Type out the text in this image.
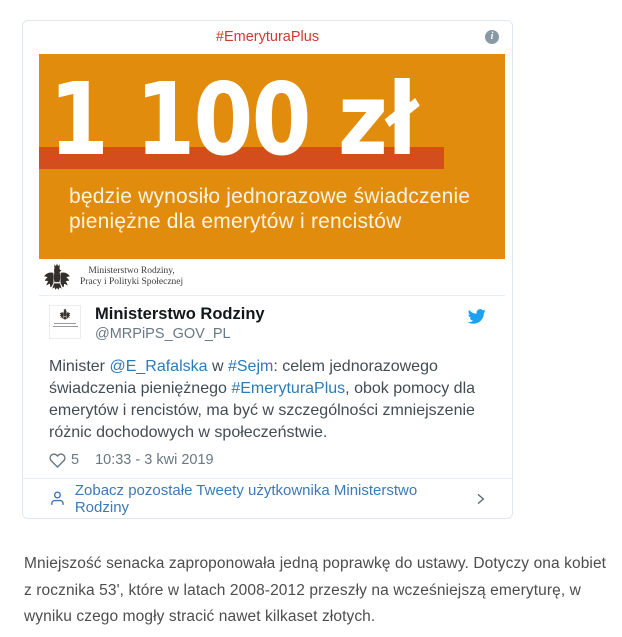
#EmeryturaPlus	i
1 100 zł
będzie wynosiło jednorazowe świadczenie
pieniężne dla emerytów i rencistów
Ministerstwo Rodziny,
Pracy i Polityki Społecznej
Ministerstwo Rodziny
@MRPiPS_GOV_PL
Minister @E_Rafalska w #Sejm: celem jednorazowego świadczenia pieniężnego #EmeryturaPlus, obok pomocy dla emerytów i rencistów, ma być w szczególności zmniejszenie różnic dochodowych w społeczeństwie.
5 10:33 - 3 kwi 2019
Zobacz pozostałe Tweety użytkownika Ministerstwo Rodziny

Mniejszość senacka zaproponowała jedną poprawkę do ustawy. Dotyczy ona kobiet z rocznika 53', które w latach 2008-2012 przeszły na wcześniejszą emeryturę, w wyniku czego mogły stracić nawet kilkaset złotych.
